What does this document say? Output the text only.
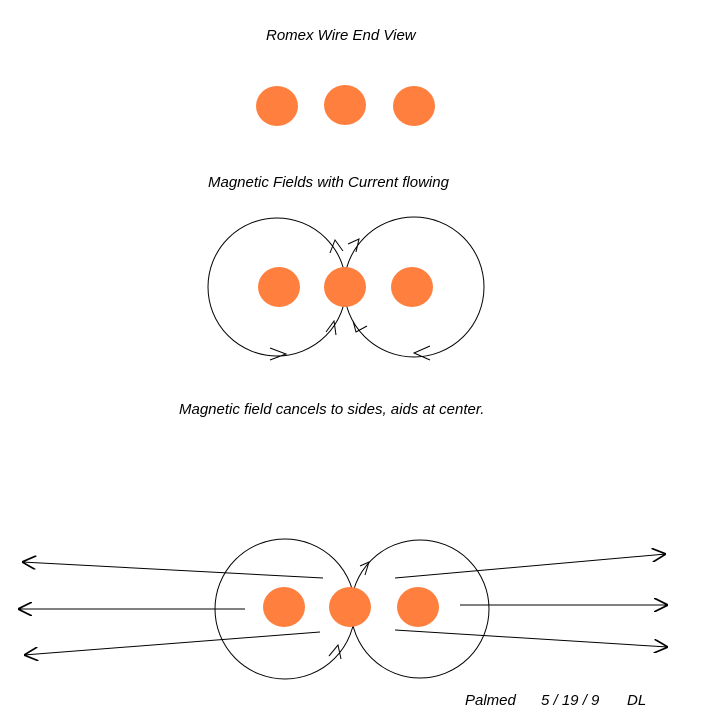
Romex Wire End View
Magnetic Fields with Current flowing
Magnetic field cancels to sides, aids at center.
Palmed 5 / 19 / 9 DL
